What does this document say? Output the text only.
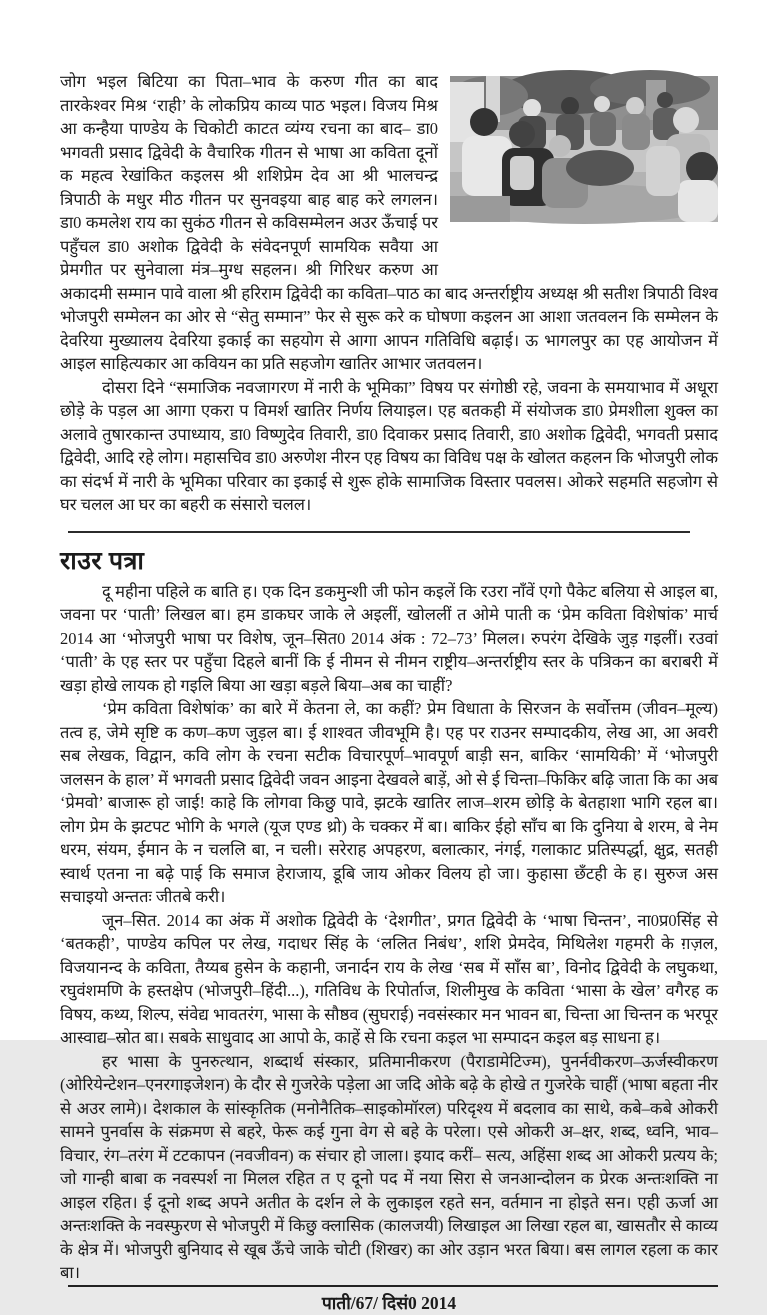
जोग भइल बिटिया का पिता–भाव के करुण गीत का बाद तारकेश्वर मिश्र ‘राही’ के लोकप्रिय काव्य पाठ भइल। विजय मिश्र आ कन्हैया पाण्डेय के चिकोटी काटत व्यंग्य रचना का बाद– डा0 भगवती प्रसाद द्विवेदी के वैचारिक गीतन से भाषा आ कविता दूनों क महत्व रेखांकित कइलस श्री शशिप्रेम देव आ श्री भालचन्द्र त्रिपाठी के मधुर मीठ गीतन पर सुनवइया बाह बाह करे लगलन। डा0 कमलेश राय का सुकंठ गीतन से कविसम्मेलन अउर ऊँचाई पर पहुँचल डा0 अशोक द्विवेदी के संवेदनपूर्ण सामयिक सवैया आ प्रेमगीत पर सुनेवाला मंत्र–मुग्ध सहलन। श्री गिरिधर करुण आ अकादमी सम्मान पावे वाला श्री हरिराम द्विवेदी का कविता–पाठ का बाद अन्तर्राष्ट्रीय अध्यक्ष श्री सतीश त्रिपाठी विश्व भोजपुरी सम्मेलन का ओर से “सेतु सम्मान” फेर से सुरू करे क घोषणा कइलन आ आशा जतवलन कि सम्मेलन के देवरिया मुख्यालय देवरिया इकाई का सहयोग से आगा आपन गतिविधि बढ़ाई। ऊ भागलपुर का एह आयोजन में आइल साहित्यकार आ कवियन का प्रति सहजोग खातिर आभार जतवलन।

दोसरा दिने “समाजिक नवजागरण में नारी के भूमिका” विषय पर संगोष्ठी रहे, जवना के समयाभाव में अधूरा छोड़े के पड़ल आ आगा एकरा प विमर्श खातिर निर्णय लियाइल। एह बतकही में संयोजक डा0 प्रेमशीला शुक्ल का अलावे तुषारकान्त उपाध्याय, डा0 विष्णुदेव तिवारी, डा0 दिवाकर प्रसाद तिवारी, डा0 अशोक द्विवेदी, भगवती प्रसाद द्विवेदी, आदि रहे लोग। महासचिव डा0 अरुणेश नीरन एह विषय का विविध पक्ष के खोलत कहलन कि भोजपुरी लोक का संदर्भ में नारी के भूमिका परिवार का इकाई से शुरू होके सामाजिक विस्तार पवलस। ओकरे सहमति सहजोग से घर चलल आ घर का बहरी क संसारो चलल।

राउर पत्रा

दू महीना पहिले क बाति ह। एक दिन डकमुन्शी जी फोन कइलें कि रउरा नाँवें एगो पैकेट बलिया से आइल बा, जवना पर ‘पाती’ लिखल बा। हम डाकघर जाके ले अइलीं, खोललीं त ओमे पाती क ‘प्रेम कविता विशेषांक’ मार्च 2014 आ ‘भोजपुरी भाषा पर विशेष, जून–सित0 2014 अंक : 72–73’ मिलल। रुपरंग देखिके जुड़ गइलीं। रउवां ‘पाती’ के एह स्तर पर पहुँचा दिहले बानीं कि ई नीमन से नीमन राष्ट्रीय–अन्तर्राष्ट्रीय स्तर के पत्रिकन का बराबरी में खड़ा होखे लायक हो गइलि बिया आ खड़ा बड़ले बिया–अब का चाहीं?

‘प्रेम कविता विशेषांक’ का बारे में केतना ले, का कहीं? प्रेम विधाता के सिरजन के सर्वोत्तम (जीवन–मूल्य) तत्व ह, जेमे सृष्टि क कण–कण जुड़ल बा। ई शाश्वत जीवभूमि है। एह पर राउनर सम्पादकीय, लेख आ, आ अवरी सब लेखक, विद्वान, कवि लोग के रचना सटीक विचारपूर्ण–भावपूर्ण बाड़ी सन, बाकिर ‘सामयिकी’ में ‘भोजपुरी जलसन के हाल’ में भगवती प्रसाद द्विवेदी जवन आइना देखवले बाड़ें, ओ से ई चिन्ता–फिकिर बढ़ि जाता कि का अब ‘प्रेमवो’ बाजारू हो जाई! काहे कि लोगवा किछु पावे, झटके खातिर लाज–शरम छोड़ि के बेतहाशा भागि रहल बा। लोग प्रेम के झटपट भोगि के भगले (यूज एण्ड थ्रो) के चक्कर में बा। बाकिर ईहो साँच बा कि दुनिया बे शरम, बे नेम धरम, संयम, ईमान के न चललि बा, न चली। सरेराह अपहरण, बलात्कार, नंगई, गलाकाट प्रतिस्पर्द्धा, क्षुद्र, सतही स्वार्थ एतना ना बढ़े पाई कि समाज हेराजाय, डूबि जाय ओकर विलय हो जा। कुहासा छँटही के ह। सुरुज अस सचाइयो अन्ततः जीतबे करी।

जून–सित. 2014 का अंक में अशोक द्विवेदी के ‘देशगीत’, प्रगत द्विवेदी के ‘भाषा चिन्तन’, ना0प्र0सिंह से ‘बतकही’, पाण्डेय कपिल पर लेख, गदाधर सिंह के ‘ललित निबंध’, शशि प्रेमदेव, मिथिलेश गहमरी के ग़ज़ल, विजयानन्द के कविता, तैय्यब हुसेन के कहानी, जनार्दन राय के लेख ‘सब में साँस बा’, विनोद द्विवेदी के लघुकथा, रघुवंशमणि के हस्तक्षेप (भोजपुरी–हिंदी...), गतिविध के रिपोर्ताज, शिलीमुख के कविता ‘भासा के खेल’ वगैरह क विषय, कथ्य, शिल्प, संवेद्य भावतरंग, भासा के सौष्ठव (सुघराई) नवसंस्कार मन भावन बा, चिन्ता आ चिन्तन क भरपूर आस्वाद्य–स्रोत बा। सबके साधुवाद आ आपो के, काहें से कि रचना कइल भा सम्पादन कइल बड़ साधना ह।

हर भासा के पुनरुत्थान, शब्दार्थ संस्कार, प्रतिमानीकरण (पैराडामेटिज्म), पुनर्नवीकरण–ऊर्जस्वीकरण (ओरियेन्टेशन–एनरगाइजेशन) के दौर से गुजरेके पड़ेला आ जदि ओके बढ़े के होखे त गुजरेके चाहीं (भाषा बहता नीर से अउर लामे)। देशकाल के सांस्कृतिक (मनोनैतिक–साइकोमॉरल) परिदृश्य में बदलाव का साथे, कबे–कबे ओकरी सामने पुनर्वास के संक्रमण से बहरे, फेरू कई गुना वेग से बहे के परेला। एसे ओकरी अ–क्षर, शब्द, ध्वनि, भाव–विचार, रंग–तरंग में टटकापन (नवजीवन) क संचार हो जाला। इयाद करीं– सत्य, अहिंसा शब्द आ ओकरी प्रत्यय के; जो गान्ही बाबा क नवस्पर्श ना मिलल रहित त ए दूनो पद में नया सिरा से जनआन्दोलन क प्रेरक अन्तःशक्ति ना आइल रहित। ई दूनो शब्द अपने अतीत के दर्शन ले के लुकाइल रहते सन, वर्तमान ना होइते सन। एही ऊर्जा आ अन्तःशक्ति के नवस्फुरण से भोजपुरी में किछु क्लासिक (कालजयी) लिखाइल आ लिखा रहल बा, खासतौर से काव्य के क्षेत्र में। भोजपुरी बुनियाद से खूब ऊँचे जाके चोटी (शिखर) का ओर उड़ान भरत बिया। बस लागल रहला क कार बा।

पाती/67/ दिसं0 2014
